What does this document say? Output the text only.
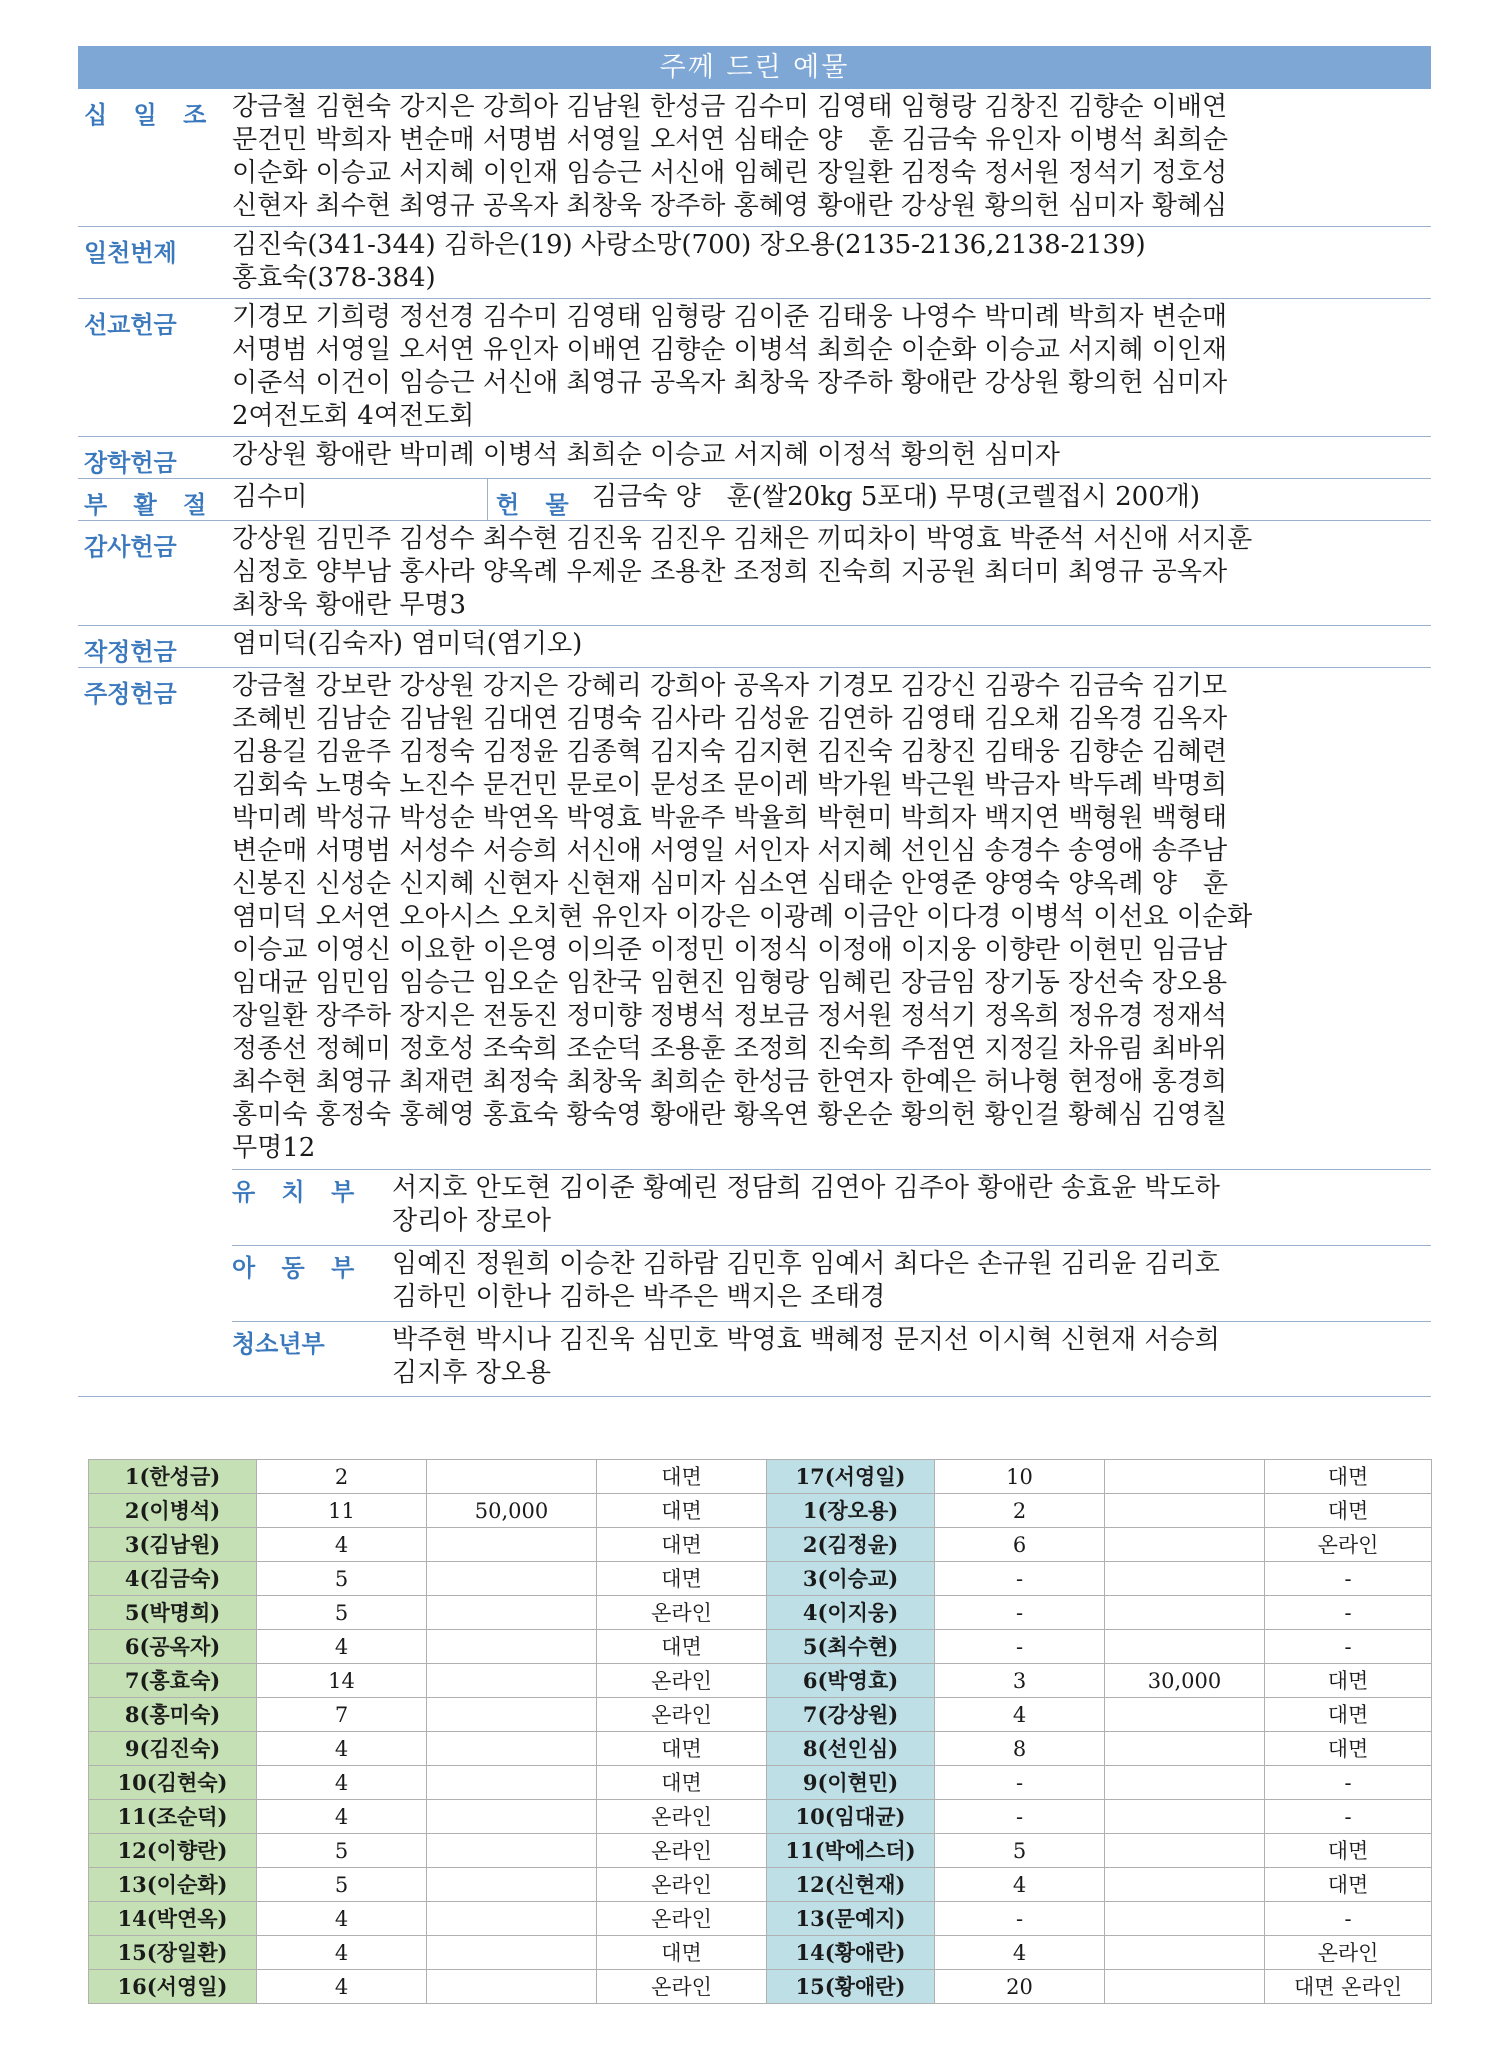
주께 드린 예물
십 일 조 강금철 김현숙 강지은 강희아 김남원 한성금 김수미 김영태 임형랑 김창진 김향순 이배연
문건민 박희자 변순매 서명범 서영일 오서연 심태순 양　훈 김금숙 유인자 이병석 최희순
이순화 이승교 서지혜 이인재 임승근 서신애 임혜린 장일환 김정숙 정서원 정석기 정호성
신현자 최수현 최영규 공옥자 최창욱 장주하 홍혜영 황애란 강상원 황의헌 심미자 황혜심
일천번제	김진숙(341-344) 김하은(19) 사랑소망(700) 장오용(2135-2136,2138-2139)
홍효숙(378-384)
선교헌금	기경모 기희령 정선경 김수미 김영태 임형랑 김이준 김태웅 나영수 박미례 박희자 변순매
서명범 서영일 오서연 유인자 이배연 김향순 이병석 최희순 이순화 이승교 서지혜 이인재
이준석 이건이 임승근 서신애 최영규 공옥자 최창욱 장주하 황애란 강상원 황의헌 심미자
2여전도회 4여전도회
장학헌금	강상원 황애란 박미례 이병석 최희순 이승교 서지혜 이정석 황의헌 심미자
부 활 절 김수미	헌 물 김금숙 양　훈(쌀20kg 5포대) 무명(코렐접시 200개)
감사헌금	강상원 김민주 김성수 최수현 김진욱 김진우 김채은 끼띠차이 박영효 박준석 서신애 서지훈
심정호 양부남 홍사라 양옥례 우제운 조용찬 조정희 진숙희 지공원 최더미 최영규 공옥자
최창욱 황애란 무명3
작정헌금	염미덕(김숙자) 염미덕(염기오)
주정헌금	강금철 강보란 강상원 강지은 강혜리 강희아 공옥자 기경모 김강신 김광수 김금숙 김기모
조혜빈 김남순 김남원 김대연 김명숙 김사라 김성윤 김연하 김영태 김오채 김옥경 김옥자
김용길 김윤주 김정숙 김정윤 김종혁 김지숙 김지현 김진숙 김창진 김태웅 김향순 김혜련
김회숙 노명숙 노진수 문건민 문로이 문성조 문이레 박가원 박근원 박금자 박두례 박명희
박미례 박성규 박성순 박연옥 박영효 박윤주 박율희 박현미 박희자 백지연 백형원 백형태
변순매 서명범 서성수 서승희 서신애 서영일 서인자 서지혜 선인심 송경수 송영애 송주남
신봉진 신성순 신지혜 신현자 신현재 심미자 심소연 심태순 안영준 양영숙 양옥례 양　훈
염미덕 오서연 오아시스 오치현 유인자 이강은 이광례 이금안 이다경 이병석 이선요 이순화
이승교 이영신 이요한 이은영 이의준 이정민 이정식 이정애 이지웅 이향란 이현민 임금남
임대균 임민임 임승근 임오순 임찬국 임현진 임형랑 임혜린 장금임 장기동 장선숙 장오용
장일환 장주하 장지은 전동진 정미향 정병석 정보금 정서원 정석기 정옥희 정유경 정재석
정종선 정혜미 정호성 조숙희 조순덕 조용훈 조정희 진숙희 주점연 지정길 차유림 최바위
최수현 최영규 최재련 최정숙 최창욱 최희순 한성금 한연자 한예은 허나형 현정애 홍경희
홍미숙 홍정숙 홍혜영 홍효숙 황숙영 황애란 황옥연 황온순 황의헌 황인걸 황혜심 김영칠
무명12
유 치 부	서지호 안도현 김이준 황예린 정담희 김연아 김주아 황애란 송효윤 박도하
장리아 장로아
아 동 부	임예진 정원희 이승찬 김하람 김민후 임예서 최다은 손규원 김리윤 김리호
김하민 이한나 김하은 박주은 백지은 조태경
청소년부	박주현 박시나 김진욱 심민호 박영효 백혜정 문지선 이시혁 신현재 서승희
김지후 장오용
1(한성금)	2		대면	17(서영일)	10		대면
2(이병석)	11	50,000	대면	1(장오용)	2		대면
3(김남원)	4		대면	2(김정윤)	6		온라인
4(김금숙)	5		대면	3(이승교)	-		-
5(박명희)	5		온라인	4(이지웅)	-		-
6(공옥자)	4		대면	5(최수현)	-		-
7(홍효숙)	14		온라인	6(박영효)	3	30,000	대면
8(홍미숙)	7		온라인	7(강상원)	4		대면
9(김진숙)	4		대면	8(선인심)	8		대면
10(김현숙)	4		대면	9(이현민)	-		-
11(조순덕)	4		온라인	10(임대균)	-		-
12(이향란)	5		온라인	11(박에스더)	5		대면
13(이순화)	5		온라인	12(신현재)	4		대면
14(박연옥)	4		온라인	13(문예지)	-		-
15(장일환)	4		대면	14(황애란)	4		온라인
16(서영일)	4		온라인	15(황애란)	20		대면 온라인
